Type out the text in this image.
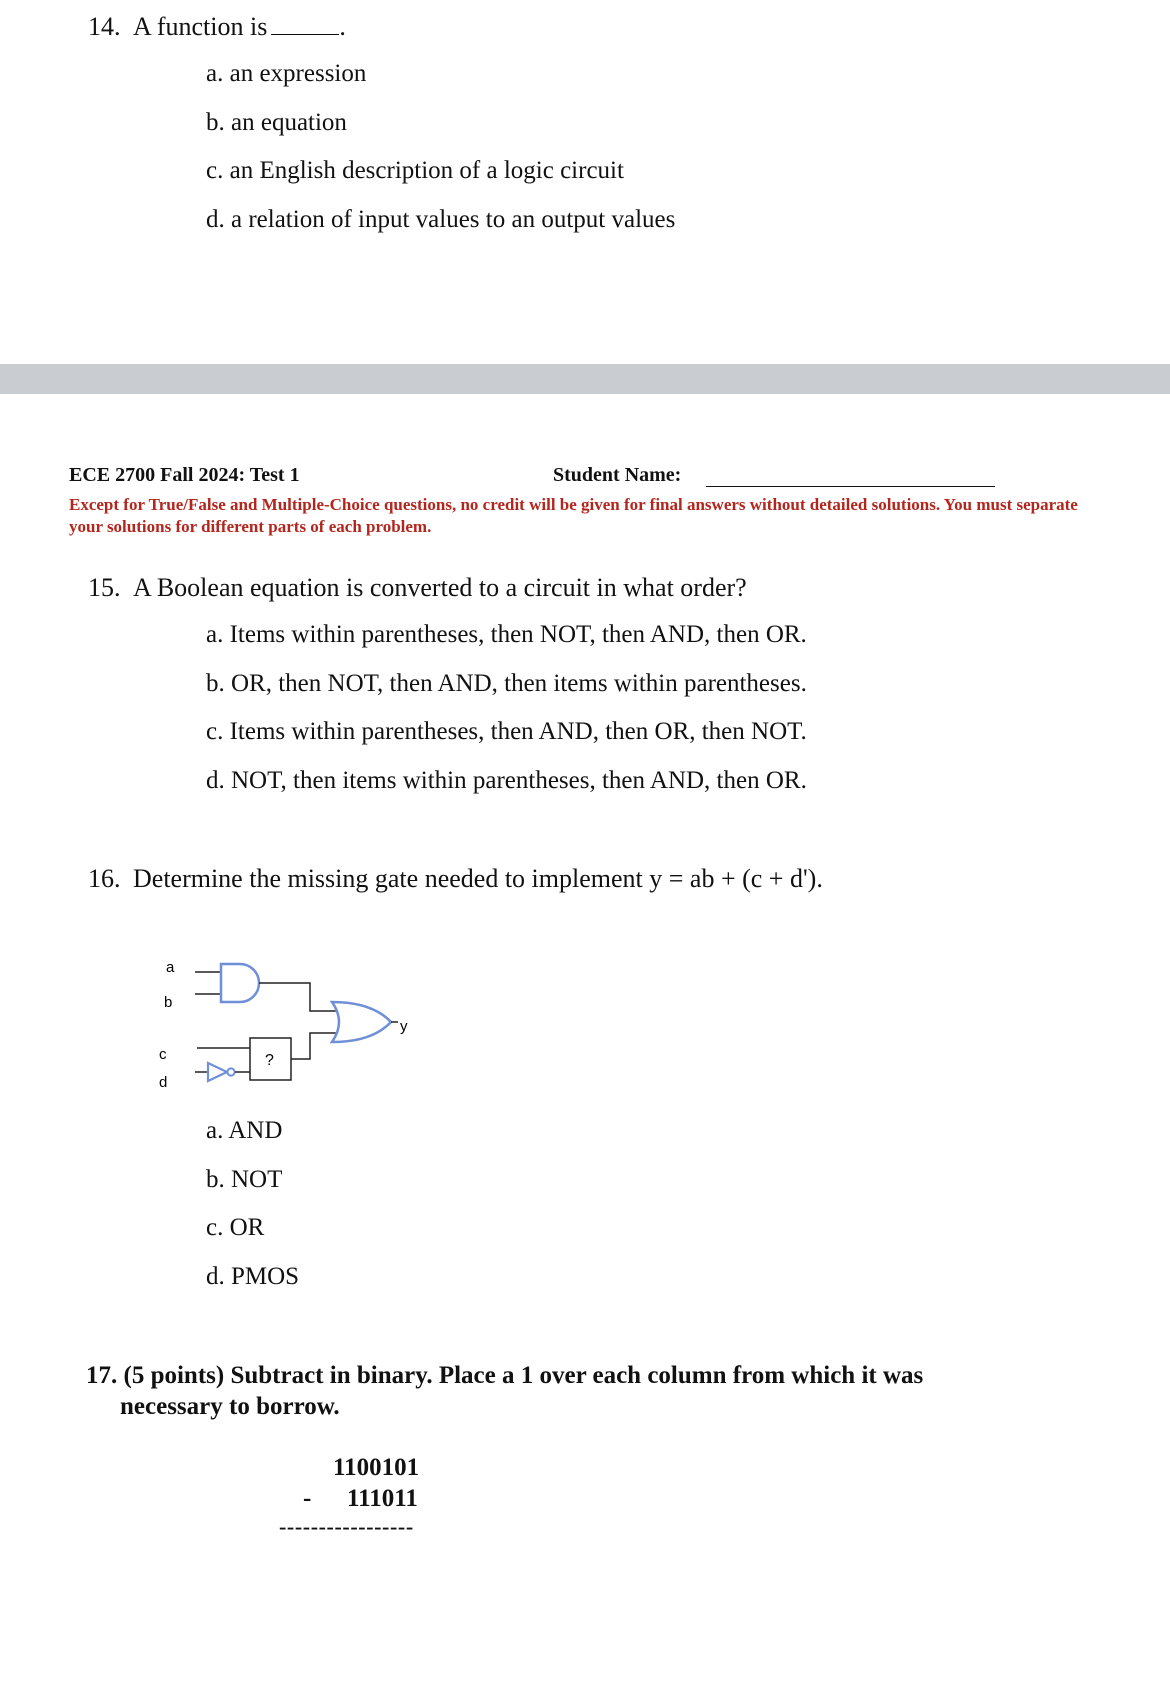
14. A function is	.
a. an expression
b. an equation
c. an English description of a logic circuit
d. a relation of input values to an output values
ECE 2700 Fall 2024: Test 1	Student Name:
Except for True/False and Multiple-Choice questions, no credit will be given for final answers without detailed solutions. You must separate your solutions for different parts of each problem.
15. A Boolean equation is converted to a circuit in what order?
a. Items within parentheses, then NOT, then AND, then OR.
b. OR, then NOT, then AND, then items within parentheses.
c. Items within parentheses, then AND, then OR, then NOT.
d. NOT, then items within parentheses, then AND, then OR.
16. Determine the missing gate needed to implement y = ab + (c + d').
a
b
c
d
y
?
a. AND
b. NOT
c. OR
d. PMOS
17. (5 points) Subtract in binary. Place a 1 over each column from which it was
necessary to borrow.
1100101
- 111011
-----------------
